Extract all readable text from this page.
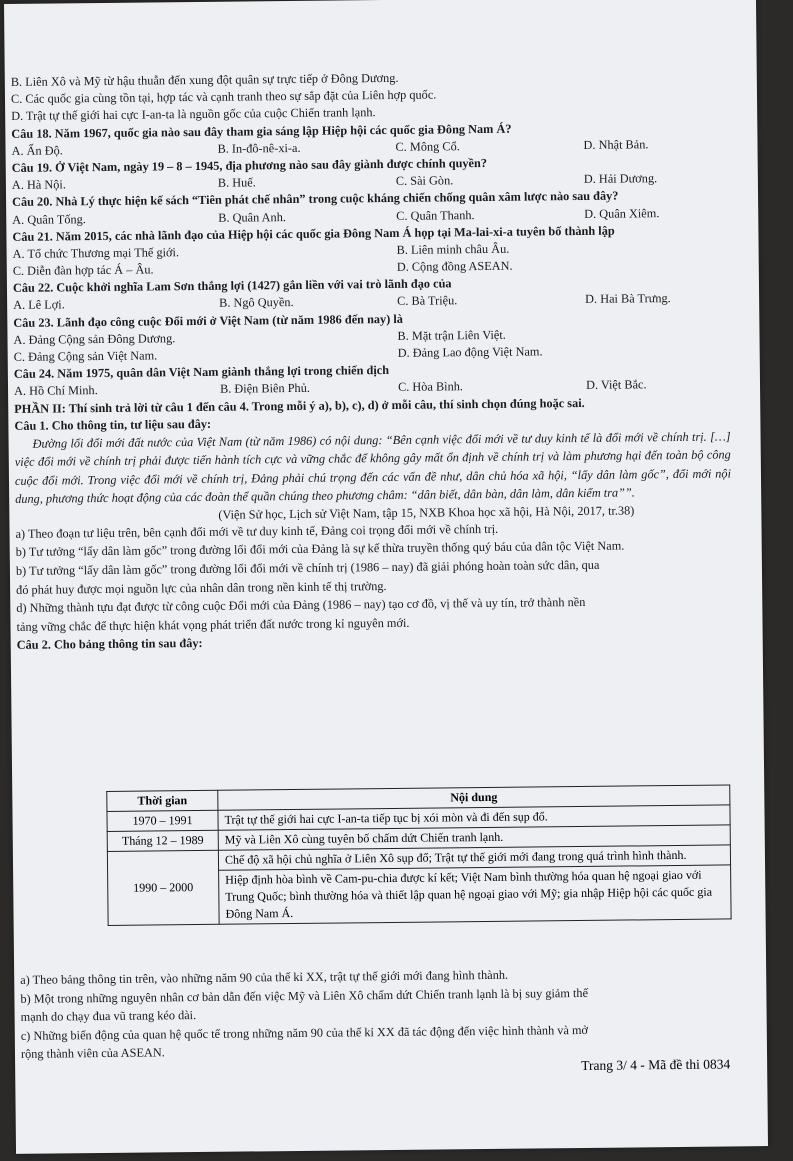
B. Liên Xô và Mỹ từ hậu thuẫn đến xung đột quân sự trực tiếp ở Đông Dương.
C. Các quốc gia cùng tồn tại, hợp tác và cạnh tranh theo sự sắp đặt của Liên hợp quốc.
D. Trật tự thế giới hai cực I-an-ta là nguồn gốc của cuộc Chiến tranh lạnh.
Câu 18. Năm 1967, quốc gia nào sau đây tham gia sáng lập Hiệp hội các quốc gia Đông Nam Á?
A. Ấn Độ.	B. In-đô-nê-xi-a.	C. Mông Cổ.	D. Nhật Bản.
Câu 19. Ở Việt Nam, ngày 19 – 8 – 1945, địa phương nào sau đây giành được chính quyền?
A. Hà Nội.	B. Huế.	C. Sài Gòn.	D. Hải Dương.
Câu 20. Nhà Lý thực hiện kế sách “Tiên phát chế nhân” trong cuộc kháng chiến chống quân xâm lược nào sau đây?
A. Quân Tống.	B. Quân Anh.	C. Quân Thanh.	D. Quân Xiêm.
Câu 21. Năm 2015, các nhà lãnh đạo của Hiệp hội các quốc gia Đông Nam Á họp tại Ma-lai-xi-a tuyên bố thành lập
A. Tổ chức Thương mại Thế giới.	B. Liên minh châu Âu.
C. Diễn đàn hợp tác Á – Âu.	D. Cộng đồng ASEAN.
Câu 22. Cuộc khởi nghĩa Lam Sơn thắng lợi (1427) gắn liền với vai trò lãnh đạo của
A. Lê Lợi.	B. Ngô Quyền.	C. Bà Triệu.	D. Hai Bà Trưng.
Câu 23. Lãnh đạo công cuộc Đổi mới ở Việt Nam (từ năm 1986 đến nay) là
A. Đảng Cộng sản Đông Dương.	B. Mặt trận Liên Việt.
C. Đảng Cộng sản Việt Nam.	D. Đảng Lao động Việt Nam.
Câu 24. Năm 1975, quân dân Việt Nam giành thắng lợi trong chiến dịch
A. Hồ Chí Minh.	B. Điện Biên Phủ.	C. Hòa Bình.	D. Việt Bắc.
PHẦN II: Thí sinh trả lời từ câu 1 đến câu 4. Trong mỗi ý a), b), c), d) ở mỗi câu, thí sinh chọn đúng hoặc sai.
Câu 1. Cho thông tin, tư liệu sau đây:

Đường lối đổi mới đất nước của Việt Nam (từ năm 1986) có nội dung: “Bên cạnh việc đổi mới về tư duy kinh tế là đổi mới về chính trị. […] việc đổi mới về chính trị phải được tiến hành tích cực và vững chắc để không gây mất ổn định về chính trị và làm phương hại đến toàn bộ công cuộc đổi mới. Trong việc đổi mới về chính trị, Đảng phải chú trọng đến các vấn đề như, dân chủ hóa xã hội, “lấy dân làm gốc”, đổi mới nội dung, phương thức hoạt động của các đoàn thể quần chúng theo phương châm: “dân biết, dân bàn, dân làm, dân kiểm tra””.

(Viện Sử học, Lịch sử Việt Nam, tập 15, NXB Khoa học xã hội, Hà Nội, 2017, tr.38)
a) Theo đoạn tư liệu trên, bên cạnh đổi mới về tư duy kinh tế, Đảng coi trọng đổi mới về chính trị.
b) Tư tưởng “lấy dân làm gốc” trong đường lối đổi mới của Đảng là sự kế thừa truyền thống quý báu của dân tộc Việt Nam.
b) Tư tưởng “lấy dân làm gốc” trong đường lối đổi mới về chính trị (1986 – nay) đã giải phóng hoàn toàn sức dân, qua
đó phát huy được mọi nguồn lực của nhân dân trong nền kinh tế thị trường.
d) Những thành tựu đạt được từ công cuộc Đổi mới của Đảng (1986 – nay) tạo cơ đồ, vị thế và uy tín, trở thành nền
tảng vững chắc để thực hiện khát vọng phát triển đất nước trong kỉ nguyên mới.
Câu 2. Cho bảng thông tin sau đây:
Thời gian	Nội dung
1970 – 1991	Trật tự thế giới hai cực I-an-ta tiếp tục bị xói mòn và đi đến sụp đổ.
Tháng 12 – 1989	Mỹ và Liên Xô cùng tuyên bố chấm dứt Chiến tranh lạnh.
1990 – 2000	Chế độ xã hội chủ nghĩa ở Liên Xô sụp đổ; Trật tự thế giới mới đang trong quá trình hình thành.
	Hiệp định hòa bình về Cam-pu-chia được kí kết; Việt Nam bình thường hóa quan hệ ngoại giao với Trung Quốc; bình thường hóa và thiết lập quan hệ ngoại giao với Mỹ; gia nhập Hiệp hội các quốc gia Đông Nam Á.
a) Theo bảng thông tin trên, vào những năm 90 của thế kỉ XX, trật tự thế giới mới đang hình thành.
b) Một trong những nguyên nhân cơ bản dẫn đến việc Mỹ và Liên Xô chấm dứt Chiến tranh lạnh là bị suy giảm thế
mạnh do chạy đua vũ trang kéo dài.
c) Những biến động của quan hệ quốc tế trong những năm 90 của thế kỉ XX đã tác động đến việc hình thành và mở
rộng thành viên của ASEAN.
Trang 3/ 4 - Mã đề thi 0834
